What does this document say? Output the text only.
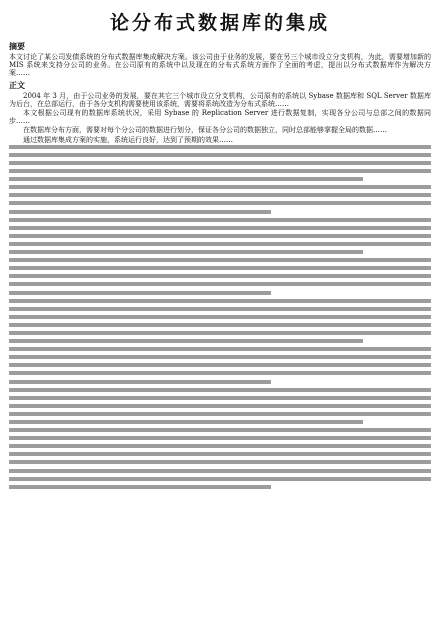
论分布式数据库的集成
摘要

本文讨论了某公司发债系统的分布式数据库集成解决方案。该公司由于业务的发展，要在另三个城市设立分支机构，为此，需要增加新的 MIS 系统来支持分公司的业务。在公司原有的系统中以及现在的分布式系统方面作了全面的考虑，提出以分布式数据库作为解决方案……

正文

2004 年 3 月，由于公司业务的发展，要在其它三个城市设立分支机构，公司原有的系统以 Sybase 数据库和 SQL Server 数据库为后台，在总部运行，由于各分支机构需要使用该系统，需要将系统改造为分布式系统……

本文根据公司现有的数据库系统状况，采用 Sybase 的 Replication Server 进行数据复制，实现各分公司与总部之间的数据同步……

在数据库分布方面，需要对每个分公司的数据进行划分，保证各分公司的数据独立，同时总部能够掌握全局的数据……

通过数据库集成方案的实施，系统运行良好，达到了预期的效果……
